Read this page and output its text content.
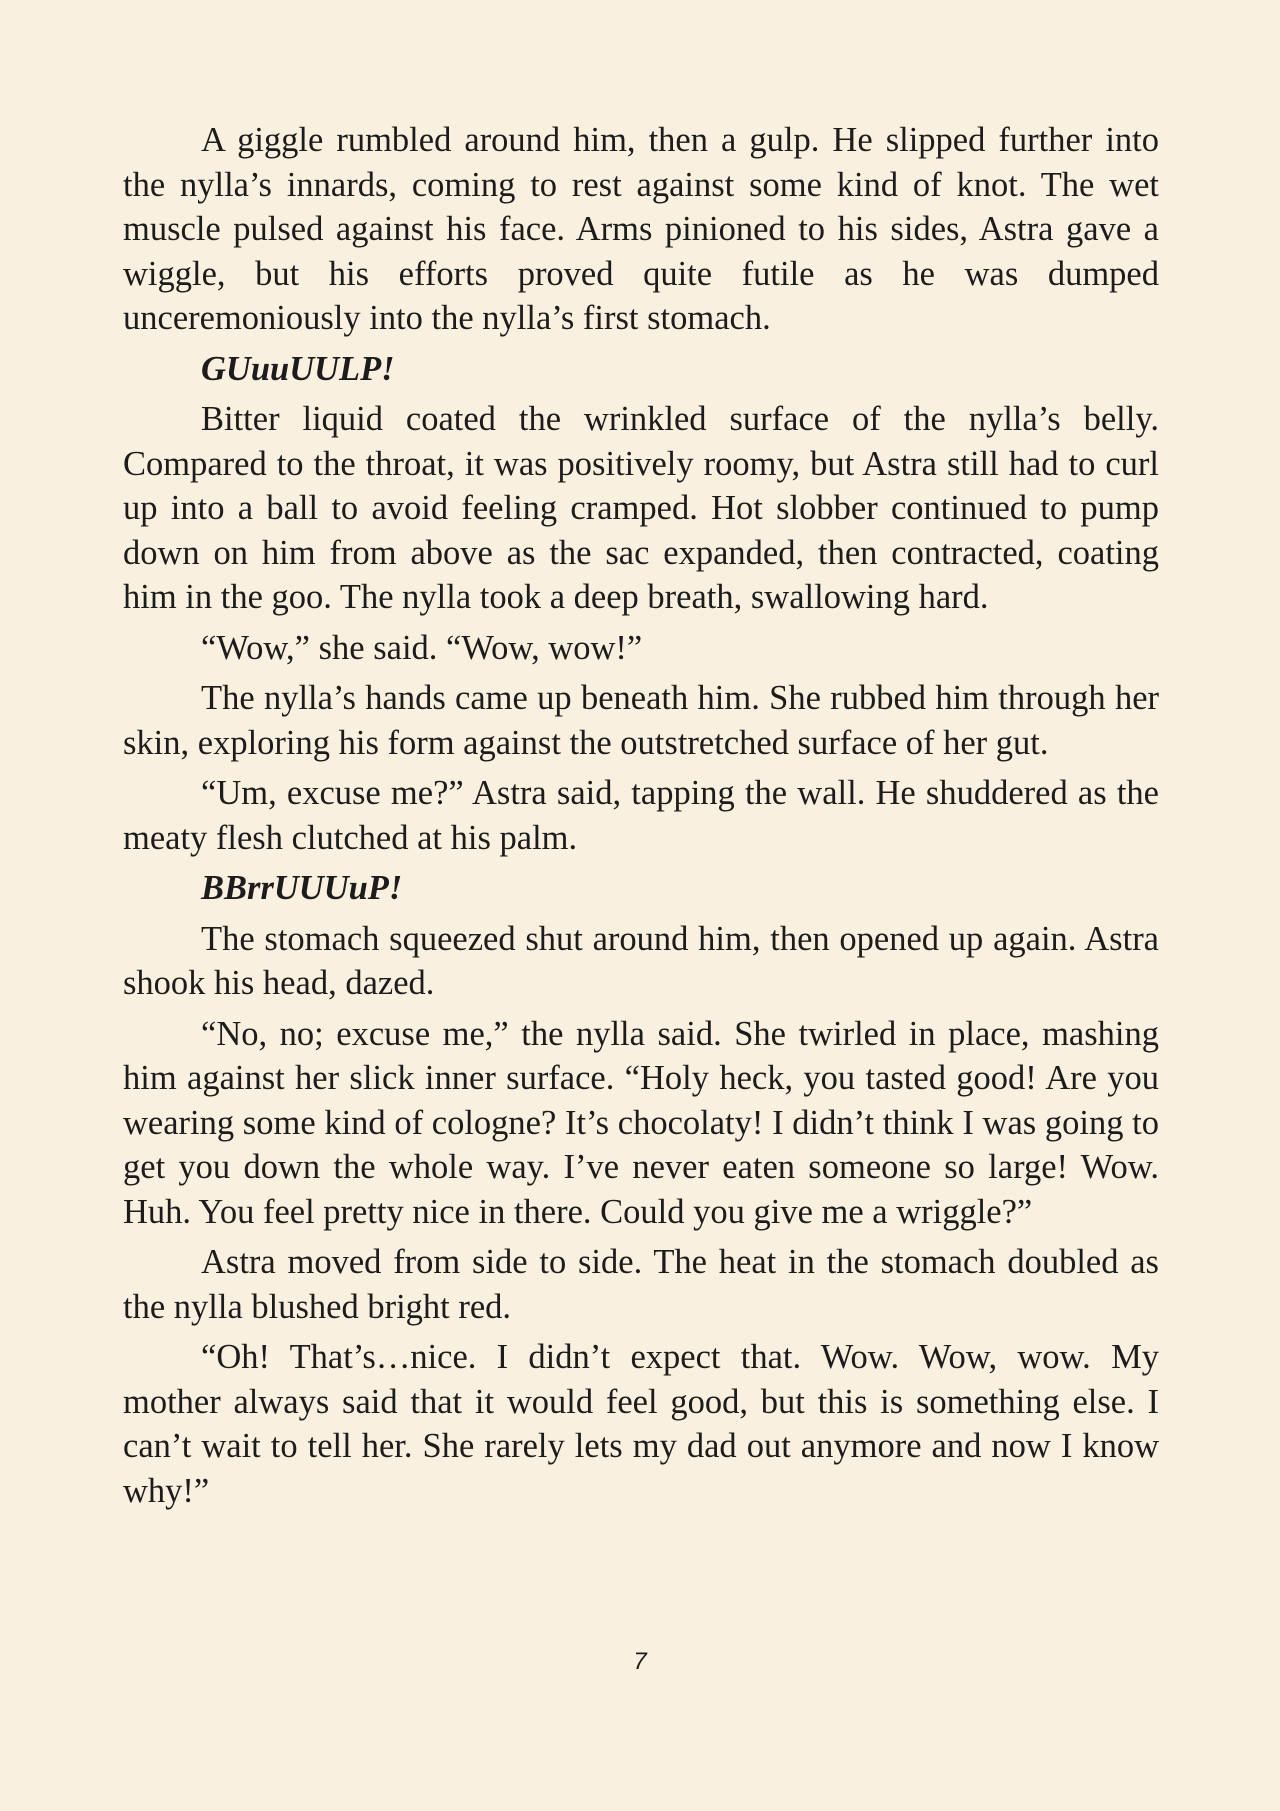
A giggle rumbled around him, then a gulp. He slipped further into the nylla’s innards, coming to rest against some kind of knot. The wet muscle pulsed against his face. Arms pinioned to his sides, Astra gave a wiggle, but his efforts proved quite futile as he was dumped unceremoniously into the nylla’s first stomach.

GUuuUULP!

Bitter liquid coated the wrinkled surface of the nylla’s belly. Compared to the throat, it was positively roomy, but Astra still had to curl up into a ball to avoid feeling cramped. Hot slobber continued to pump down on him from above as the sac expanded, then contracted, coating him in the goo. The nylla took a deep breath, swallowing hard.

“Wow,” she said. “Wow, wow!”

The nylla’s hands came up beneath him. She rubbed him through her skin, exploring his form against the outstretched surface of her gut.

“Um, excuse me?” Astra said, tapping the wall. He shuddered as the meaty flesh clutched at his palm.

BBrrUUUuP!

The stomach squeezed shut around him, then opened up again. Astra shook his head, dazed.

“No, no; excuse me,” the nylla said. She twirled in place, mashing him against her slick inner surface. “Holy heck, you tasted good! Are you wearing some kind of cologne? It’s chocolaty! I didn’t think I was going to get you down the whole way. I’ve never eaten someone so large! Wow. Huh. You feel pretty nice in there. Could you give me a wriggle?”

Astra moved from side to side. The heat in the stomach doubled as the nylla blushed bright red.

“Oh! That’s…nice. I didn’t expect that. Wow. Wow, wow. My mother always said that it would feel good, but this is something else. I can’t wait to tell her. She rarely lets my dad out anymore and now I know why!”

7
